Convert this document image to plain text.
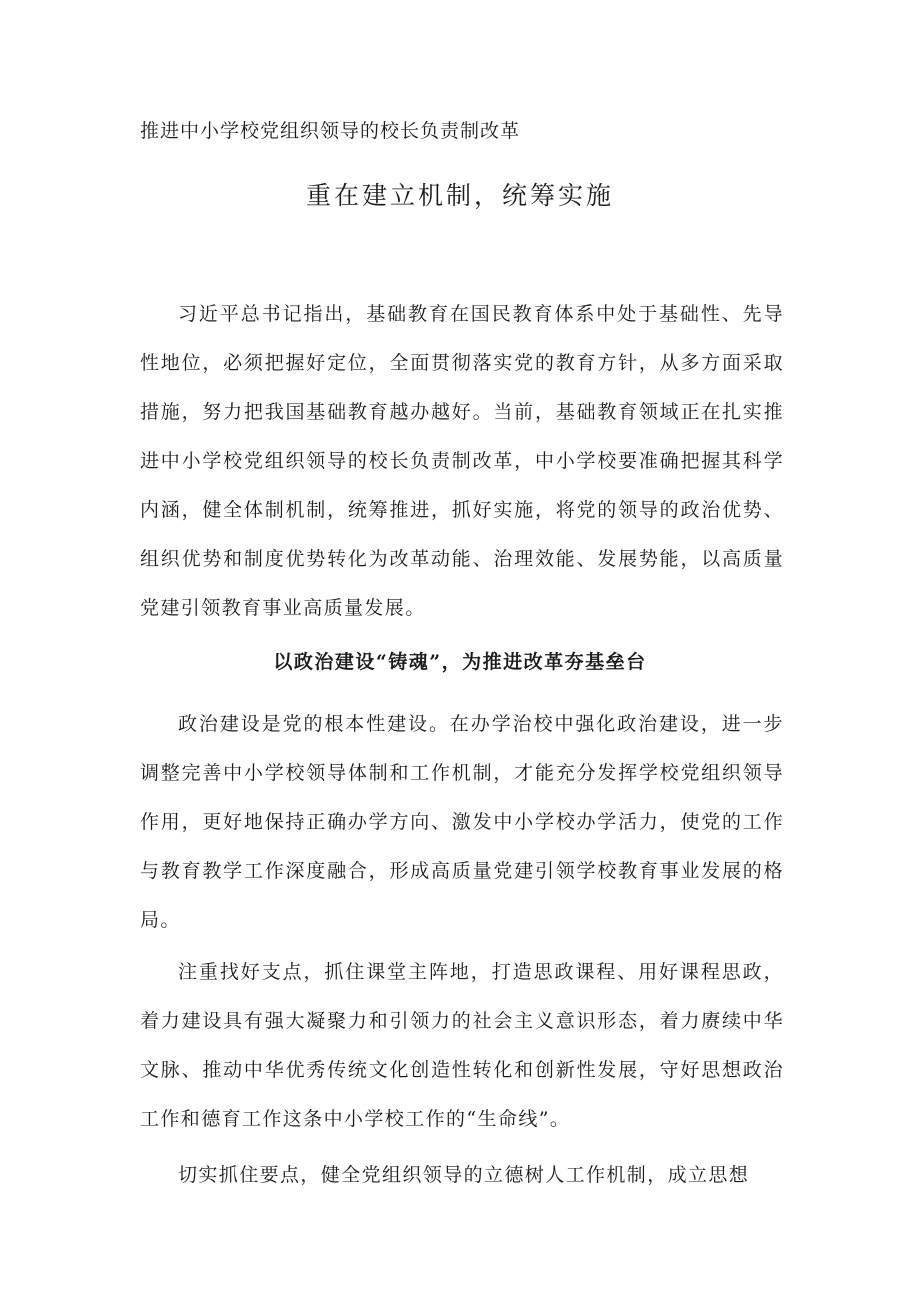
推进中小学校党组织领导的校长负责制改革
重在建立机制，统筹实施

习近平总书记指出，基础教育在国民教育体系中处于基础性、先导性地位，必须把握好定位，全面贯彻落实党的教育方针，从多方面采取措施，努力把我国基础教育越办越好。当前，基础教育领域正在扎实推进中小学校党组织领导的校长负责制改革，中小学校要准确把握其科学内涵，健全体制机制，统筹推进，抓好实施，将党的领导的政治优势、组织优势和制度优势转化为改革动能、治理效能、发展势能，以高质量党建引领教育事业高质量发展。

以政治建设“铸魂”，为推进改革夯基垒台

政治建设是党的根本性建设。在办学治校中强化政治建设，进一步调整完善中小学校领导体制和工作机制，才能充分发挥学校党组织领导作用，更好地保持正确办学方向、激发中小学校办学活力，使党的工作与教育教学工作深度融合，形成高质量党建引领学校教育事业发展的格局。

注重找好支点，抓住课堂主阵地，打造思政课程、用好课程思政，着力建设具有强大凝聚力和引领力的社会主义意识形态，着力赓续中华文脉、推动中华优秀传统文化创造性转化和创新性发展，守好思想政治工作和德育工作这条中小学校工作的“生命线”。

切实抓住要点，健全党组织领导的立德树人工作机制，成立思想
